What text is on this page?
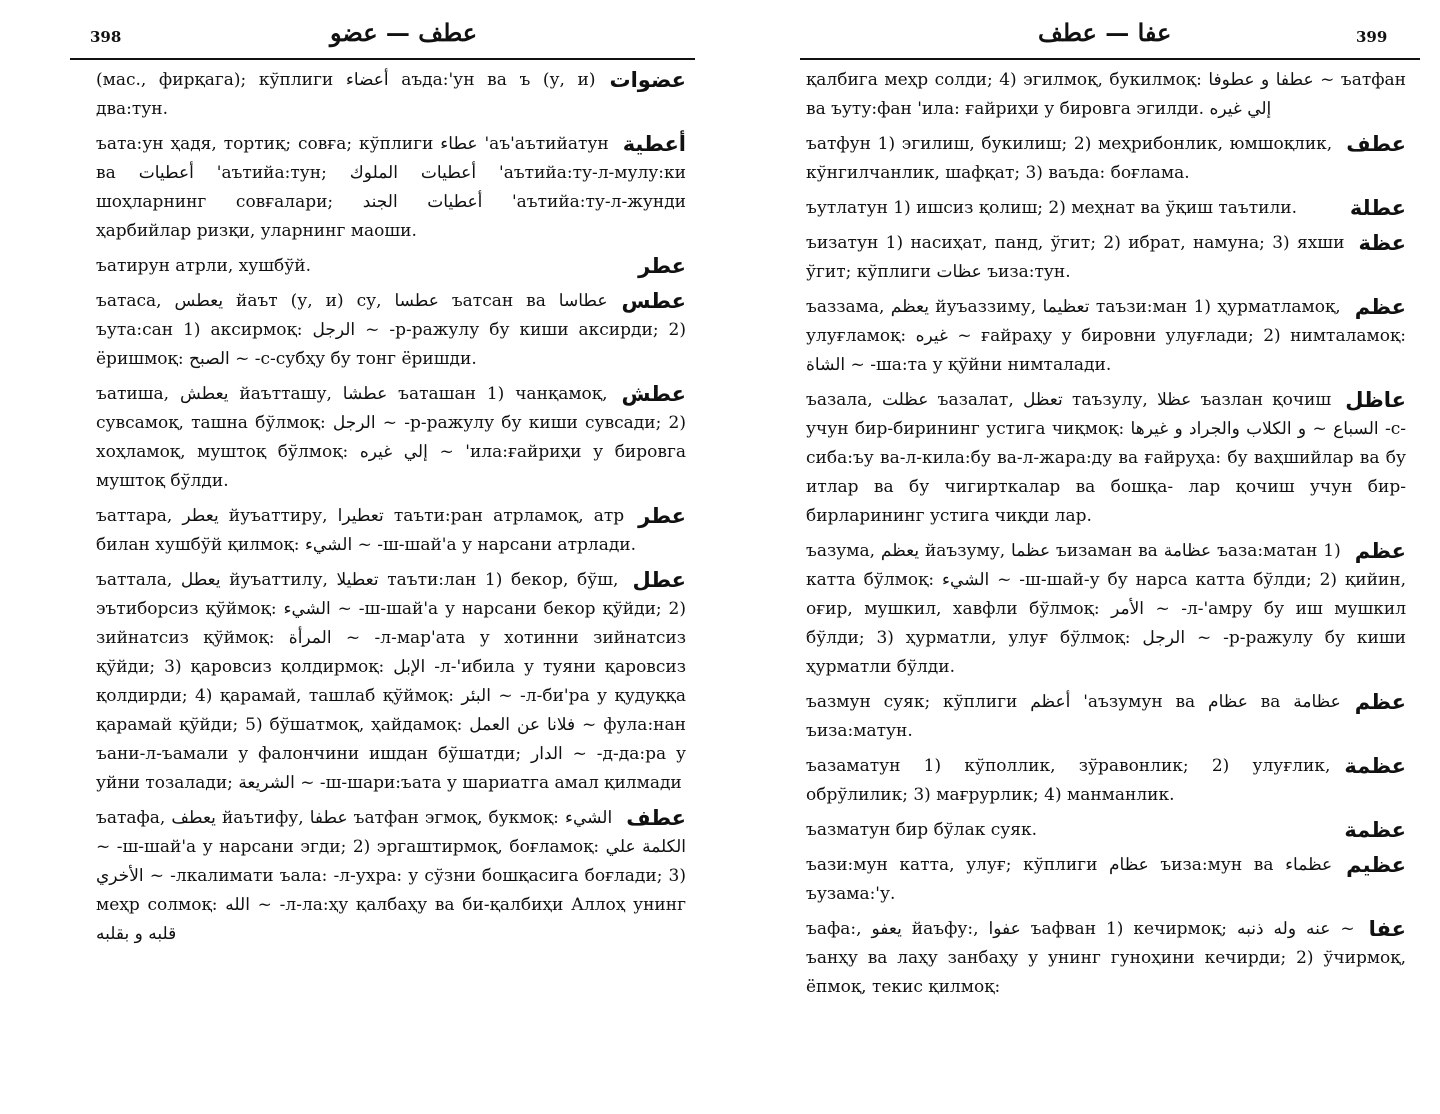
398	عطف — عضو
عضوات
(мас., фирқага); кўплиги أعضاء аъда:'ун ва ъ (у, и) два:тун.
أعطية
ъата:ун ҳадя, тортиқ; совға; кўплиги عطاء 'аъ'аътийатун ва أعطيات 'аътийа:тун; أعطيات الملوك 'аътийа:ту-л-мулу:ки шоҳларнинг совғалари; أعطيات الجند 'аътийа:ту-л-жунди ҳарбийлар ризқи, уларнинг маоши.
عطر
ъатирун атрли, хушбўй.
عطس
ъатаса, يعطس йаът (у, и) су, عطسا ъатсан ва عطاسا ъута:сан 1) аксирмоқ: الرجل ~ -р-ражулу бу киши аксирди; 2) ёришмоқ: الصبح ~ -с-субҳу бу тонг ёришди.
عطش
ъатиша, يعطش йаътташу, عطشا ъаташан 1) чанқамоқ, сувсамоқ, ташна бўлмоқ: الرجل ~ -р-ражулу бу киши сувсади; 2) хоҳламоқ, муштоқ бўлмоқ: إلي غيره ~ 'ила:ғайриҳи у бировга муштоқ бўлди.
عطر
ъаттара, يعطر йуъаттиру, تعطيرا таъти:ран атрламоқ, атр билан хушбўй қилмоқ: الشيء ~ -ш-шай'а у нарсани атрлади.
عطل
ъаттала, يعطل йуъаттилу, تعطيلا таъти:лан 1) бекор, бўш, эътиборсиз қўймоқ: الشيء ~ -ш-шай'а у нарсани бекор қўйди; 2) зийнатсиз қўймоқ: المرأة ~ -л-мар'ата у хотинни зийнатсиз қўйди; 3) қаровсиз қолдирмоқ: الإبل -л-'ибила у туяни қаровсиз қолдирди; 4) қарамай, ташлаб қўймоқ: البئر ~ -л-би'ра у қудуққа қарамай қўйди; 5) бўшатмоқ, ҳайдамоқ: فلانا عن العمل ~ фула:нан ъани-л-ъамали у фалончини ишдан бўшатди; الدار ~ -д-да:ра у уйни тозалади; الشريعة ~ -ш-шари:ъата у шариатга амал қилмади
عطف
ъатафа, يعطف йаътифу, عطفا ъатфан эгмоқ, букмоқ: الشيء ~ -ш-шай'а у нарсани эгди; 2) эргаштирмоқ, боғламоқ: الكلمة علي الأخري ~ -лкалимати ъала: -л-ухра: у сўзни бошқасига боғлади; 3) меҳр солмоқ: الله ~ -л-ла:ҳу қалбаҳу ва би-қалбиҳи Аллоҳ унинг قلبه و بقلبه
399
عفا — عطف
қалбига меҳр солди; 4) эгилмоқ, букилмоқ: عطفا و عطوفا ~ ъатфан ва ъуту:фан 'ила: ғайриҳи у бировга эгилди. إلي غيره
عطف
ъатфун 1) эгилиш, букилиш; 2) меҳрибонлик, юмшоқлик, кўнгилчанлик, шафқат; 3) ваъда: боғлама.
عطلة
ъутлатун 1) ишсиз қолиш; 2) меҳнат ва ўқиш таътили.
عظة
ъизатун 1) насиҳат, панд, ўгит; 2) ибрат, намуна; 3) яхши ўгит; кўплиги عظات ъиза:тун.
عظم
ъаззама, يعظم йуъаззиму, تعظيما таъзи:ман 1) ҳурматламоқ, улуғламоқ: غيره ~ ғайраҳу у бировни улуғлади; 2) нимталамоқ: الشاة ~ -ша:та у қўйни нимталади.
عاظل
ъазала, عظلت ъазалат, تعظل таъзулу, عظلا ъазлан қочиш учун бир-бирининг устига чиқмоқ: السباع ~ و الكلاب والجراد و غيرها -с-сиба:ъу ва-л-кила:бу ва-л-жара:ду ва ғайруҳа: бу ваҳшийлар ва бу итлар ва бу чигирткалар ва бошқа- лар қочиш учун бир-бирларининг устига чиқди лар.
عظم
ъазума, يعظم йаъзуму, عظما ъизаман ва عظامة ъаза:матан 1) катта бўлмоқ: الشيء ~ -ш-шай-у бу нарса катта бўлди; 2) қийин, оғир, мушкил, хавфли бўлмоқ: الأمر ~ -л-'амру бу иш мушкил бўлди; 3) ҳурматли, улуғ бўлмоқ: الرجل ~ -р-ражулу бу киши ҳурматли бўлди.
عظم
ъазмун суяк; кўплиги أعظم 'аъзумун ва عظام ва عظامة ъиза:матун.
عظمة
ъазаматун 1) кўполлик, зўравонлик; 2) улуғлик, обрўлилик; 3) мағрурлик; 4) манманлик.
عظمة
ъазматун бир бўлак суяк.
عظيم
ъази:мун катта, улуғ; кўплиги عظام ъиза:мун ва عظماء ъузама:'у.
عفا
ъафа:, يعفو йаъфу:, عفوا ъафван 1) кечирмоқ; عنه وله ذنبه ~ ъанҳу ва лаҳу занбаҳу у унинг гуноҳини кечирди; 2) ўчирмоқ, ёпмоқ, текис қилмоқ:
